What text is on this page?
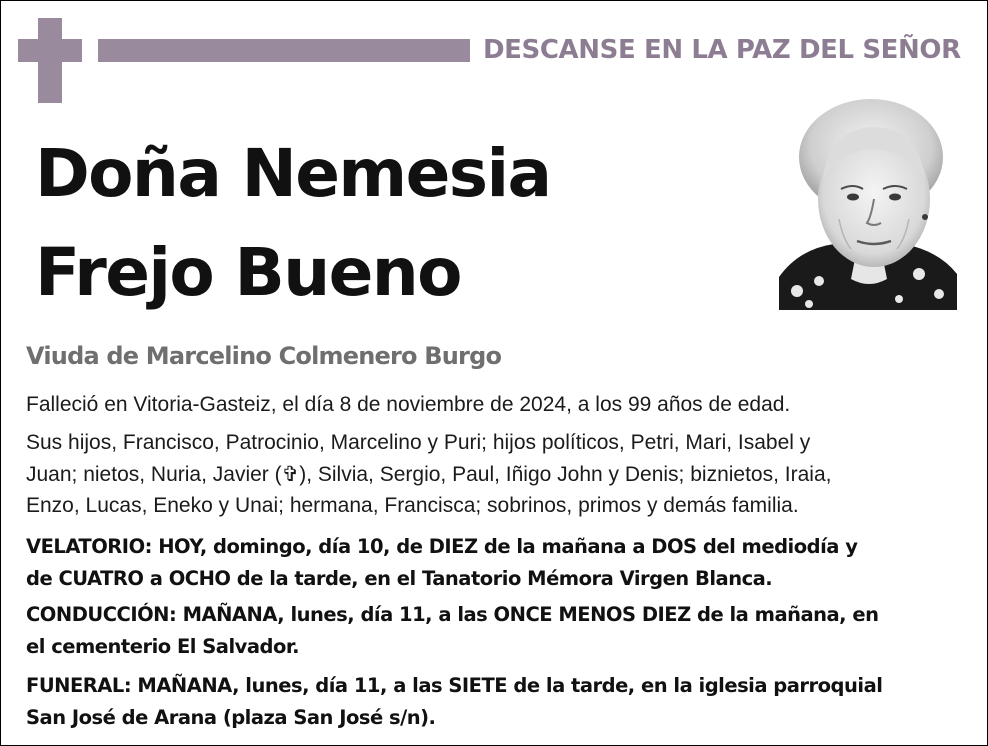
DESCANSE EN LA PAZ DEL SEÑOR
Doña Nemesia
Frejo Bueno
Viuda de Marcelino Colmenero Burgo
Falleció en Vitoria-Gasteiz, el día 8 de noviembre de 2024, a los 99 años de edad.
Sus hijos, Francisco, Patrocinio, Marcelino y Puri; hijos políticos, Petri, Mari, Isabel y
Juan; nietos, Nuria, Javier (✞), Silvia, Sergio, Paul, Iñigo John y Denis; biznietos, Iraia,
Enzo, Lucas, Eneko y Unai; hermana, Francisca; sobrinos, primos y demás familia.
VELATORIO: HOY, domingo, día 10, de DIEZ de la mañana a DOS del mediodía y
de CUATRO a OCHO de la tarde, en el Tanatorio Mémora Virgen Blanca.
CONDUCCIÓN: MAÑANA, lunes, día 11, a las ONCE MENOS DIEZ de la mañana, en
el cementerio El Salvador.
FUNERAL: MAÑANA, lunes, día 11, a las SIETE de la tarde, en la iglesia parroquial
San José de Arana (plaza San José s/n).
